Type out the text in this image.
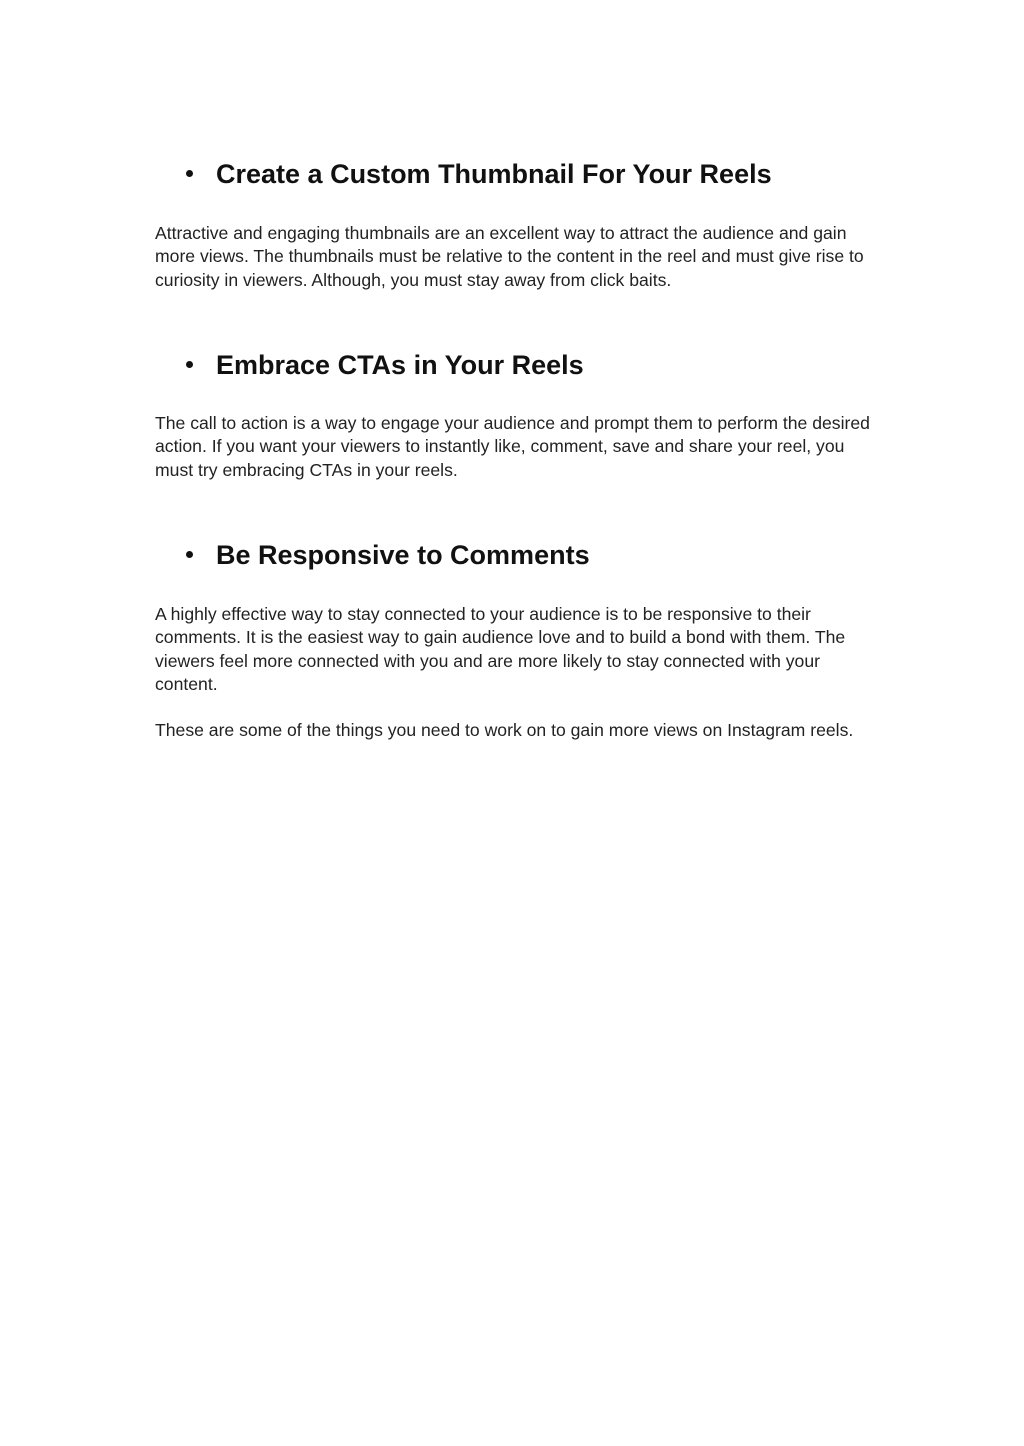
Create a Custom Thumbnail For Your Reels

Attractive and engaging thumbnails are an excellent way to attract the audience and gain more views. The thumbnails must be relative to the content in the reel and must give rise to curiosity in viewers. Although, you must stay away from click baits.

Embrace CTAs in Your Reels

The call to action is a way to engage your audience and prompt them to perform the desired action. If you want your viewers to instantly like, comment, save and share your reel, you must try embracing CTAs in your reels.

Be Responsive to Comments

A highly effective way to stay connected to your audience is to be responsive to their comments. It is the easiest way to gain audience love and to build a bond with them. The viewers feel more connected with you and are more likely to stay connected with your content.

These are some of the things you need to work on to gain more views on Instagram reels.
